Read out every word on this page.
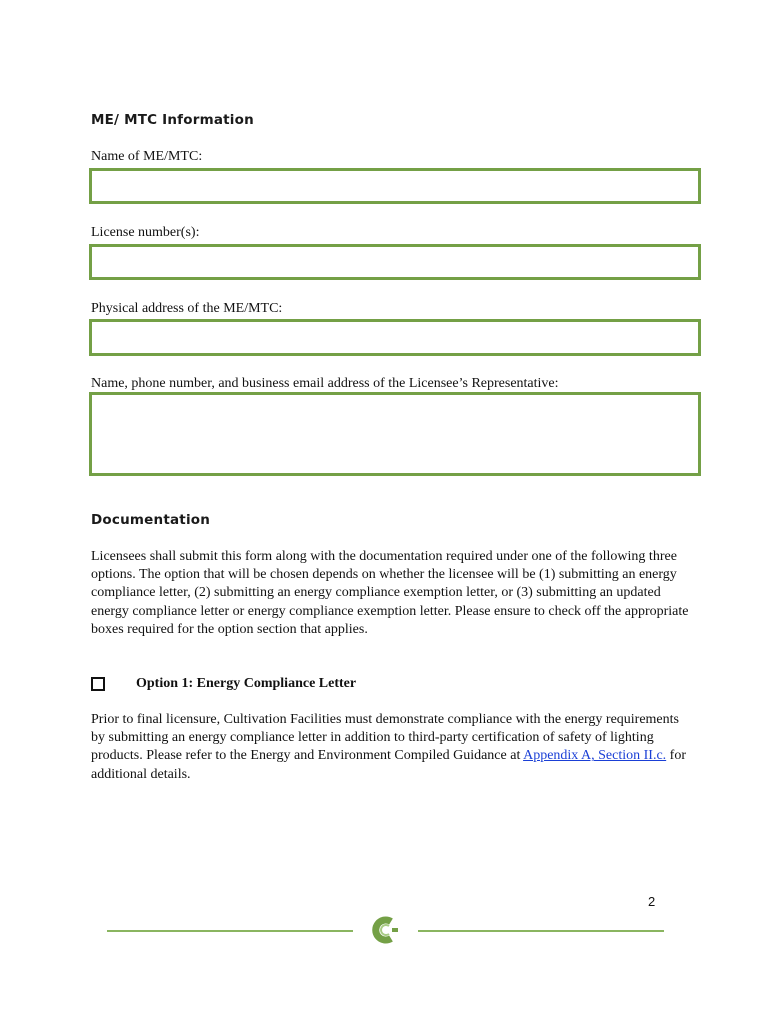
ME/ MTC Information
Name of ME/MTC:
License number(s):
Physical address of the ME/MTC:
Name, phone number, and business email address of the Licensee’s Representative:
Documentation
Licensees shall submit this form along with the documentation required under one of the following three options. The option that will be chosen depends on whether the licensee will be (1) submitting an energy compliance letter, (2) submitting an energy compliance exemption letter, or (3) submitting an updated energy compliance letter or energy compliance exemption letter. Please ensure to check off the appropriate boxes required for the option section that applies.
Option 1: Energy Compliance Letter
Prior to final licensure, Cultivation Facilities must demonstrate compliance with the energy requirements by submitting an energy compliance letter in addition to third-party certification of safety of lighting products. Please refer to the Energy and Environment Compiled Guidance at Appendix A, Section II.c. for additional details.
2
